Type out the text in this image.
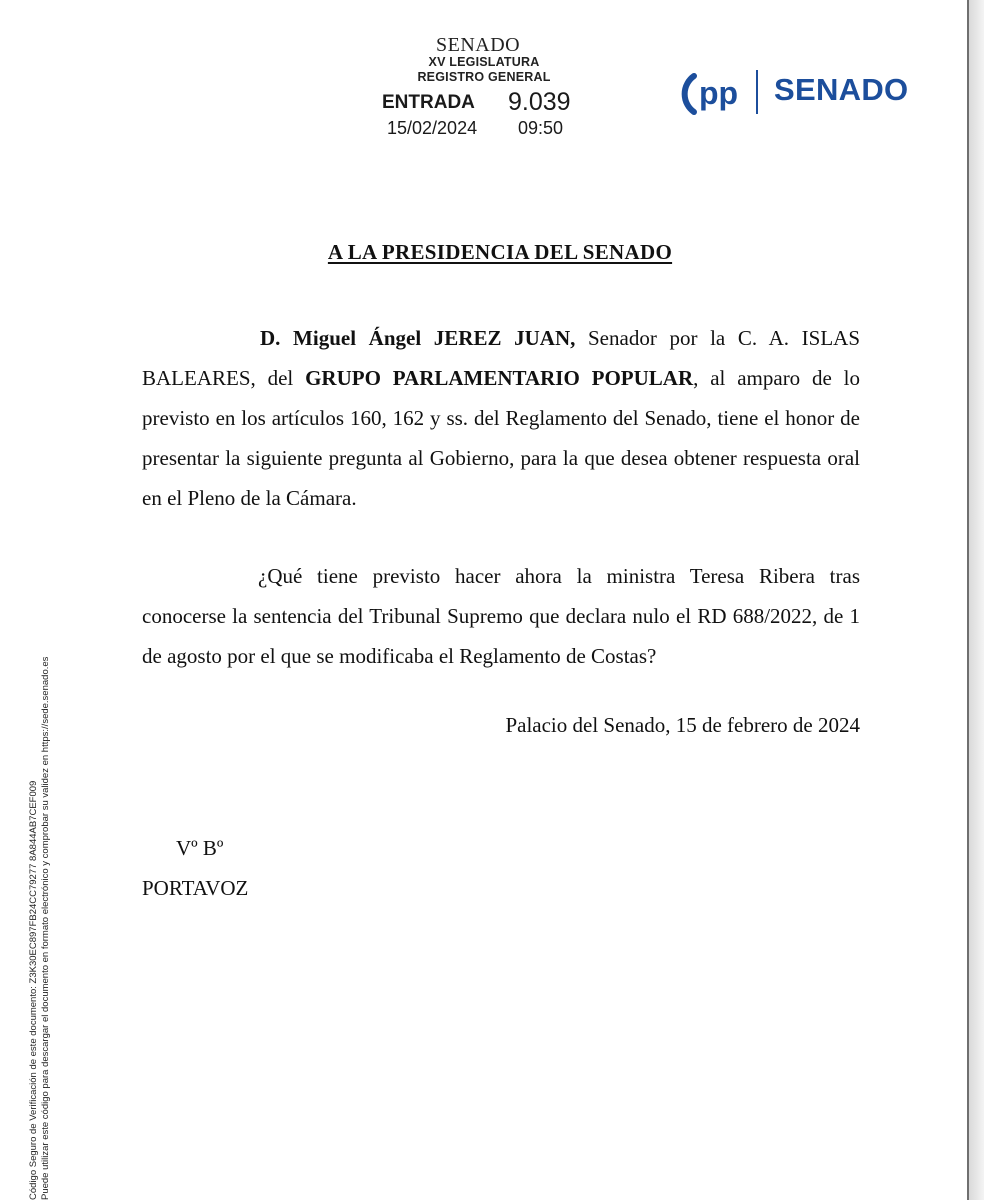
SENADO
XV LEGISLATURA
REGISTRO GENERAL
ENTRADA 9.039
15/02/2024 09:50
pp SENADO
A LA PRESIDENCIA DEL SENADO
D. Miguel Ángel JEREZ JUAN, Senador por la C. A. ISLAS BALEARES, del GRUPO PARLAMENTARIO POPULAR, al amparo de lo previsto en los artículos 160, 162 y ss. del Reglamento del Senado, tiene el honor de presentar la siguiente pregunta al Gobierno, para la que desea obtener respuesta oral en el Pleno de la Cámara.
¿Qué tiene previsto hacer ahora la ministra Teresa Ribera tras conocerse la sentencia del Tribunal Supremo que declara nulo el RD 688/2022, de 1 de agosto por el que se modificaba el Reglamento de Costas?
Palacio del Senado, 15 de febrero de 2024
Vº Bº
PORTAVOZ
Código Seguro de Verificación de este documento: Z3K30EC897FB24CC79277 8A844AB7CEF009 Puede utilizar este código para descargar el documento en formato electrónico y comprobar su validez en https://sede.senado.es
